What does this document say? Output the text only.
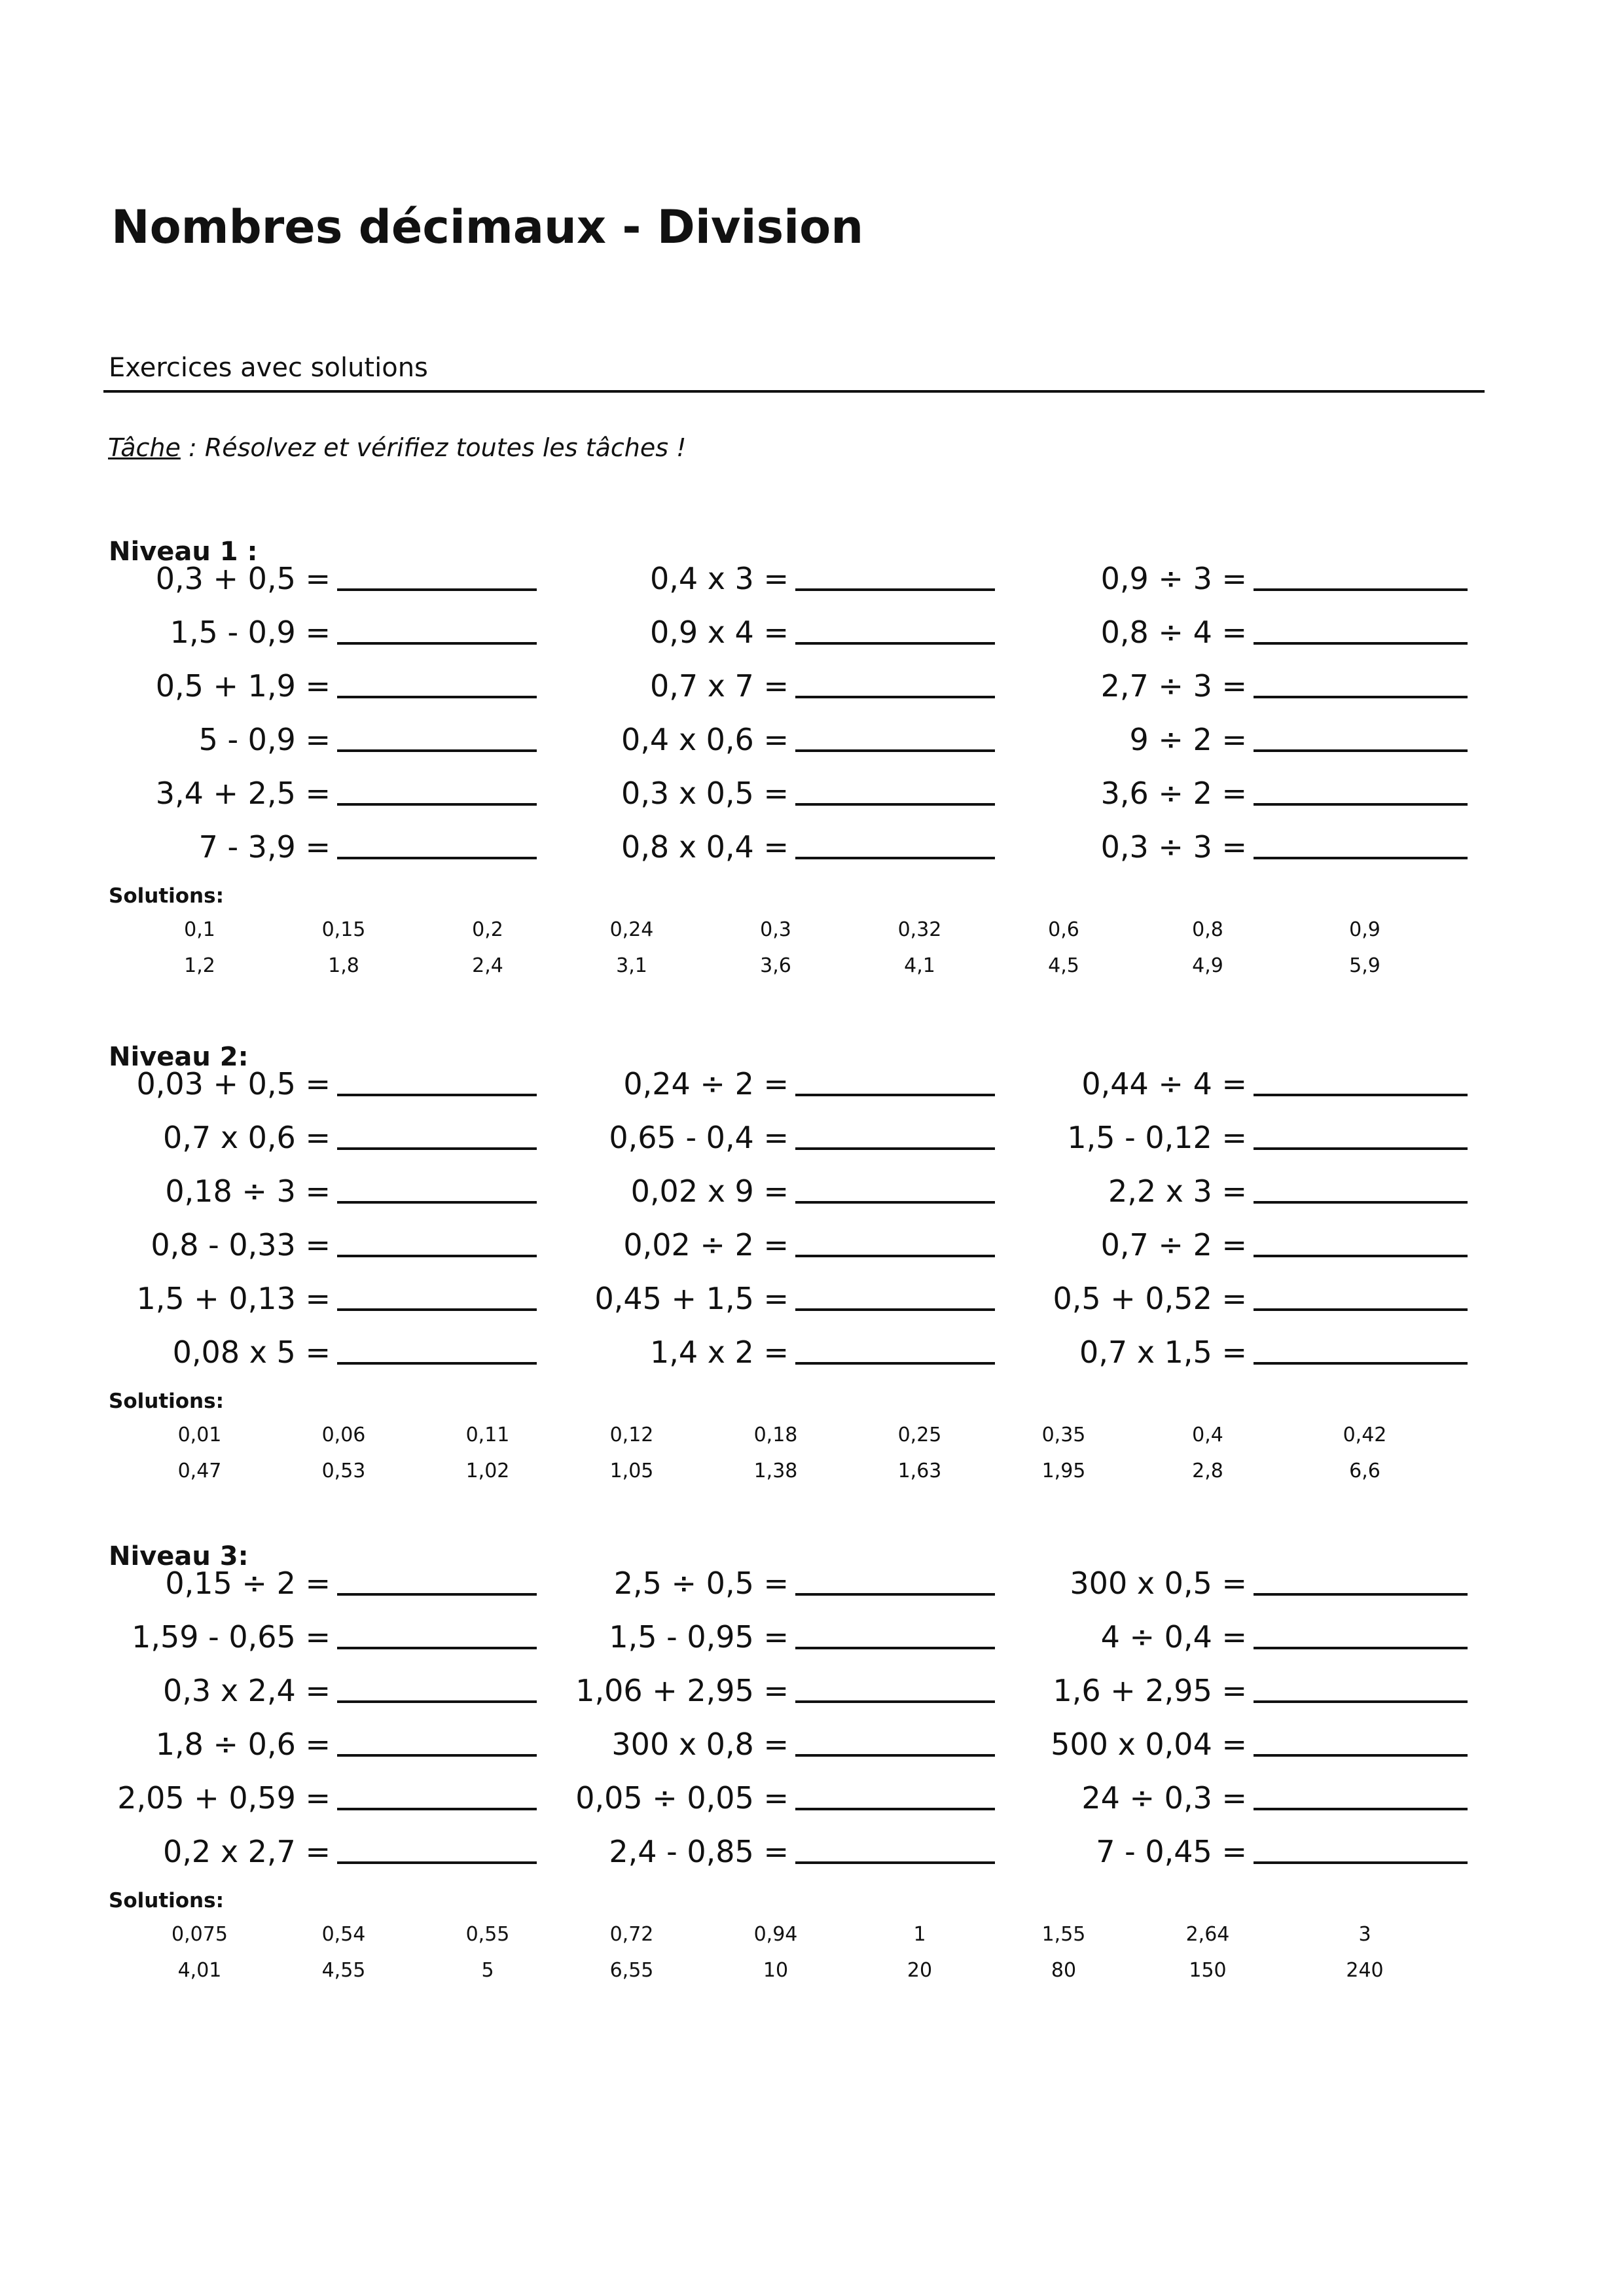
Nombres décimaux - Division
Exercices avec solutions
Tâche : Résolvez et vérifiez toutes les tâches !
Niveau 1 :
0,3 + 0,5 =	0,4 x 3 =	0,9 ÷ 3 =
1,5 - 0,9 =	0,9 x 4 =	0,8 ÷ 4 =
0,5 + 1,9 =	0,7 x 7 =	2,7 ÷ 3 =
5 - 0,9 =	0,4 x 0,6 =	9 ÷ 2 =
3,4 + 2,5 =	0,3 x 0,5 =	3,6 ÷ 2 =
7 - 3,9 =	0,8 x 0,4 =	0,3 ÷ 3 =
Solutions:
0,1	0,15	0,2	0,24	0,3	0,32	0,6	0,8	0,9
1,2	1,8	2,4	3,1	3,6	4,1	4,5	4,9	5,9
Niveau 2:
0,03 + 0,5 =	0,24 ÷ 2 =	0,44 ÷ 4 =
0,7 x 0,6 =	0,65 - 0,4 =	1,5 - 0,12 =
0,18 ÷ 3 =	0,02 x 9 =	2,2 x 3 =
0,8 - 0,33 =	0,02 ÷ 2 =	0,7 ÷ 2 =
1,5 + 0,13 =	0,45 + 1,5 =	0,5 + 0,52 =
0,08 x 5 =	1,4 x 2 =	0,7 x 1,5 =
Solutions:
0,01	0,06	0,11	0,12	0,18	0,25	0,35	0,4	0,42
0,47	0,53	1,02	1,05	1,38	1,63	1,95	2,8	6,6
Niveau 3:
0,15 ÷ 2 =	2,5 ÷ 0,5 =	300 x 0,5 =
1,59 - 0,65 =	1,5 - 0,95 =	4 ÷ 0,4 =
0,3 x 2,4 =	1,06 + 2,95 =	1,6 + 2,95 =
1,8 ÷ 0,6 =	300 x 0,8 =	500 x 0,04 =
2,05 + 0,59 =	0,05 ÷ 0,05 =	24 ÷ 0,3 =
0,2 x 2,7 =	2,4 - 0,85 =	7 - 0,45 =
Solutions:
0,075	0,54	0,55	0,72	0,94	1	1,55	2,64	3
4,01	4,55	5	6,55	10	20	80	150	240
